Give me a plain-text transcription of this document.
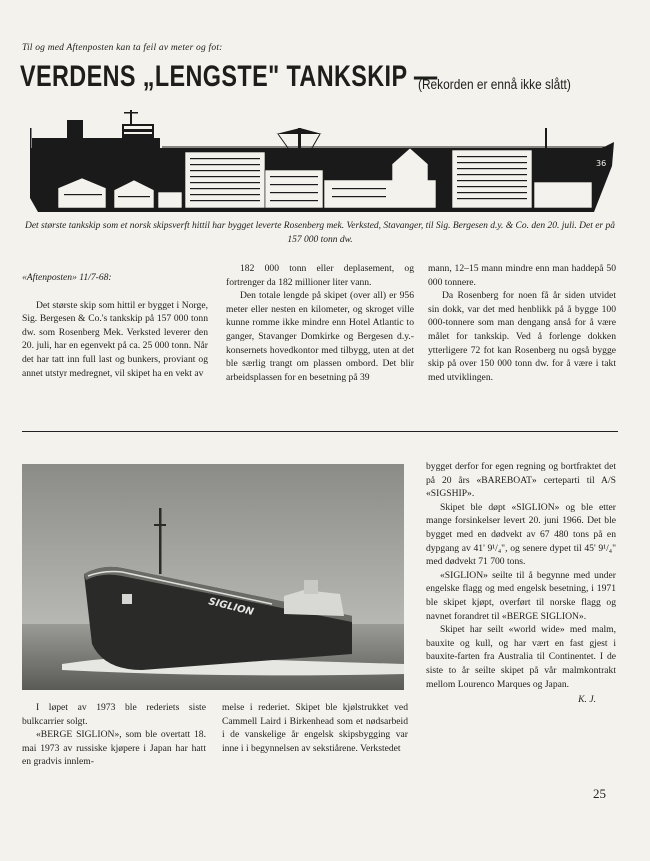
Til og med Aftenposten kan ta feil av meter og fot:
VERDENS „LENGSTE" TANKSKIP —
(Rekorden er ennå ikke slått)
36
Det største tankskip som et norsk skipsverft hittil har bygget leverte Rosenberg mek. Verksted, Stavanger, til Sig. Bergesen d.y. & Co. den 20. juli. Det er på 157 000 tonn dw.

«Aftenposten» 11/7-68:

Det største skip som hittil er bygget i Norge, Sig. Bergesen & Co.'s tankskip på 157 000 tonn dw. som Rosenberg Mek. Verksted leverer den 20. juli, har en egenvekt på ca. 25 000 tonn. Når det har tatt inn full last og bunkers, proviant og annet utstyr medregnet, vil skipet ha en vekt av

182 000 tonn eller deplasement, og fortrenger da 182 millioner liter vann.

Den totale lengde på skipet (over all) er 956 meter eller nesten en kilometer, og skroget ville kunne romme ikke mindre enn Hotel Atlantic to ganger, Stavanger Domkirke og Bergesen d.y.-konsernets hovedkontor med tilbygg, uten at det ble særlig trangt om plassen ombord. Det blir arbeidsplassen for en besetning på 39

mann, 12–15 mann mindre enn man haddepå 50 000 tonnere.

Da Rosenberg for noen få år siden utvidet sin dokk, var det med henblikk på å bygge 100 000-tonnere som man dengang anså for å være målet for tankskip. Ved å forlenge dokken ytterligere 72 fot kan Rosenberg nu også bygge skip på over 150 000 tonn dw. for å være i takt med utviklingen.

SIGLION

bygget derfor for egen regning og bortfraktet det på 20 års «BAREBOAT» certeparti til A/S «SIGSHIP».

Skipet ble døpt «SIGLION» og ble etter mange forsinkelser levert 20. juni 1966. Det ble bygget med en dødvekt av 67 480 tons på en dypgang av 41' 9¹/₄", og senere dypet til 45' 9¹/₄" med dødvekt 71 700 tons.

«SIGLION» seilte til å begynne med under engelske flagg og med engelsk besetning, i 1971 ble skipet kjøpt, overført til norske flagg og navnet forandret til «BERGE SIGLION».

Skipet har seilt «world wide» med malm, bauxite og kull, og har vært en fast gjest i bauxite-farten fra Australia til Continentet. I de siste to år seilte skipet på vår malmkontrakt mellom Lourenco Marques og Japan.

K. J.

I løpet av 1973 ble rederiets siste bulkcarrier solgt.

«BERGE SIGLION», som ble overtatt 18. mai 1973 av russiske kjøpere i Japan har hatt en gradvis innlem-

melse i rederiet. Skipet ble kjølstrukket ved Cammell Laird i Birkenhead som et nødsarbeid i de vanskelige år engelsk skipsbygging var inne i i begynnelsen av sekstiårene. Verkstedet

25
